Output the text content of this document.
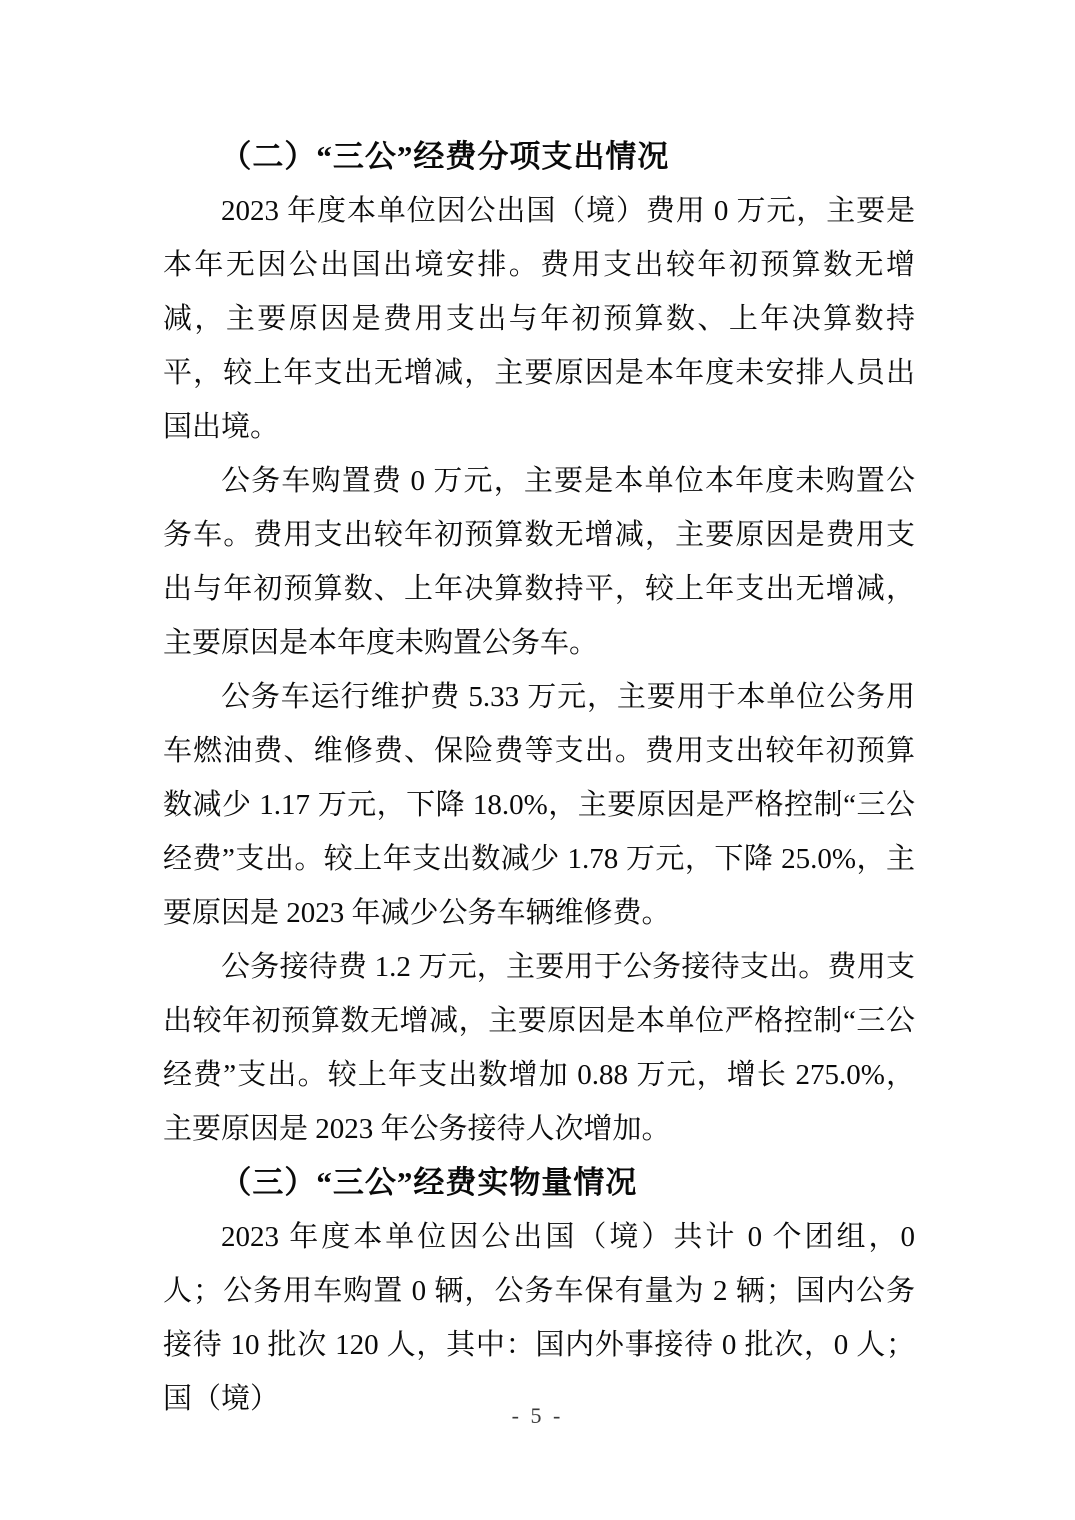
（二）“三公”经费分项支出情况

2023 年度本单位因公出国（境）费用 0 万元，主要是本年无因公出国出境安排。费用支出较年初预算数无增减，主要原因是费用支出与年初预算数、上年决算数持平，较上年支出无增减，主要原因是本年度未安排人员出国出境。

公务车购置费 0 万元，主要是本单位本年度未购置公务车。费用支出较年初预算数无增减，主要原因是费用支出与年初预算数、上年决算数持平，较上年支出无增减，主要原因是本年度未购置公务车。

公务车运行维护费 5.33 万元，主要用于本单位公务用车燃油费、维修费、保险费等支出。费用支出较年初预算数减少 1.17 万元，下降 18.0%，主要原因是严格控制“三公经费”支出。较上年支出数减少 1.78 万元，下降 25.0%，主要原因是 2023 年减少公务车辆维修费。

公务接待费 1.2 万元，主要用于公务接待支出。费用支出较年初预算数无增减，主要原因是本单位严格控制“三公经费”支出。较上年支出数增加 0.88 万元，增长 275.0%，主要原因是 2023 年公务接待人次增加。

（三）“三公”经费实物量情况

2023 年度本单位因公出国（境）共计 0 个团组，0 人；公务用车购置 0 辆，公务车保有量为 2 辆；国内公务接待 10 批次 120 人，其中：国内外事接待 0 批次，0 人；国（境）

- 5 -
